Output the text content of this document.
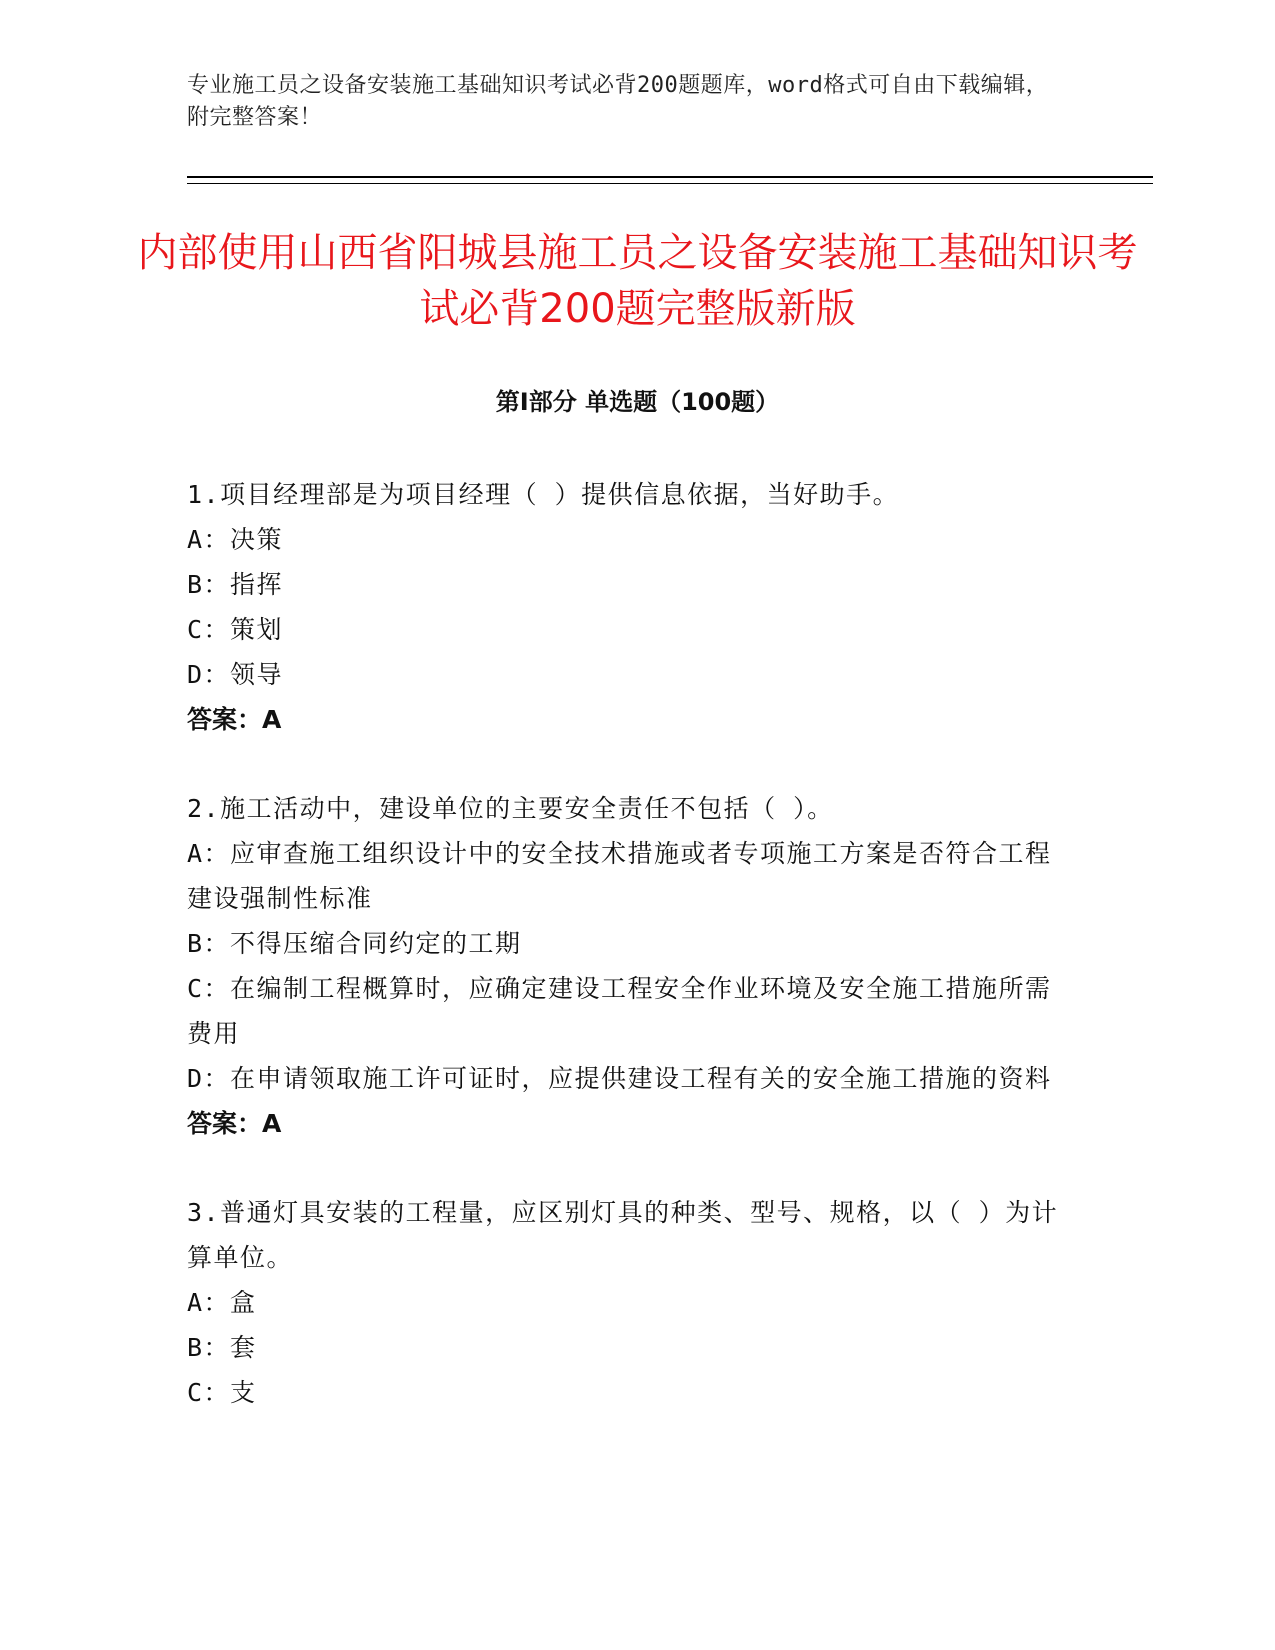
专业施工员之设备安装施工基础知识考试必背200题题库，word格式可自由下载编辑，附完整答案！
内部使用山西省阳城县施工员之设备安装施工基础知识考试必背200题完整版新版
第Ⅰ部分 单选题（100题）
1.项目经理部是为项目经理（ ）提供信息依据，当好助手。
A：决策
B：指挥
C：策划
D：领导
答案：A
2.施工活动中，建设单位的主要安全责任不包括（ ）。
A：应审查施工组织设计中的安全技术措施或者专项施工方案是否符合工程建设强制性标准
B：不得压缩合同约定的工期
C：在编制工程概算时，应确定建设工程安全作业环境及安全施工措施所需费用
D：在申请领取施工许可证时，应提供建设工程有关的安全施工措施的资料
答案：A
3.普通灯具安装的工程量，应区别灯具的种类、型号、规格，以（ ）为计算单位。
A：盒
B：套
C：支
